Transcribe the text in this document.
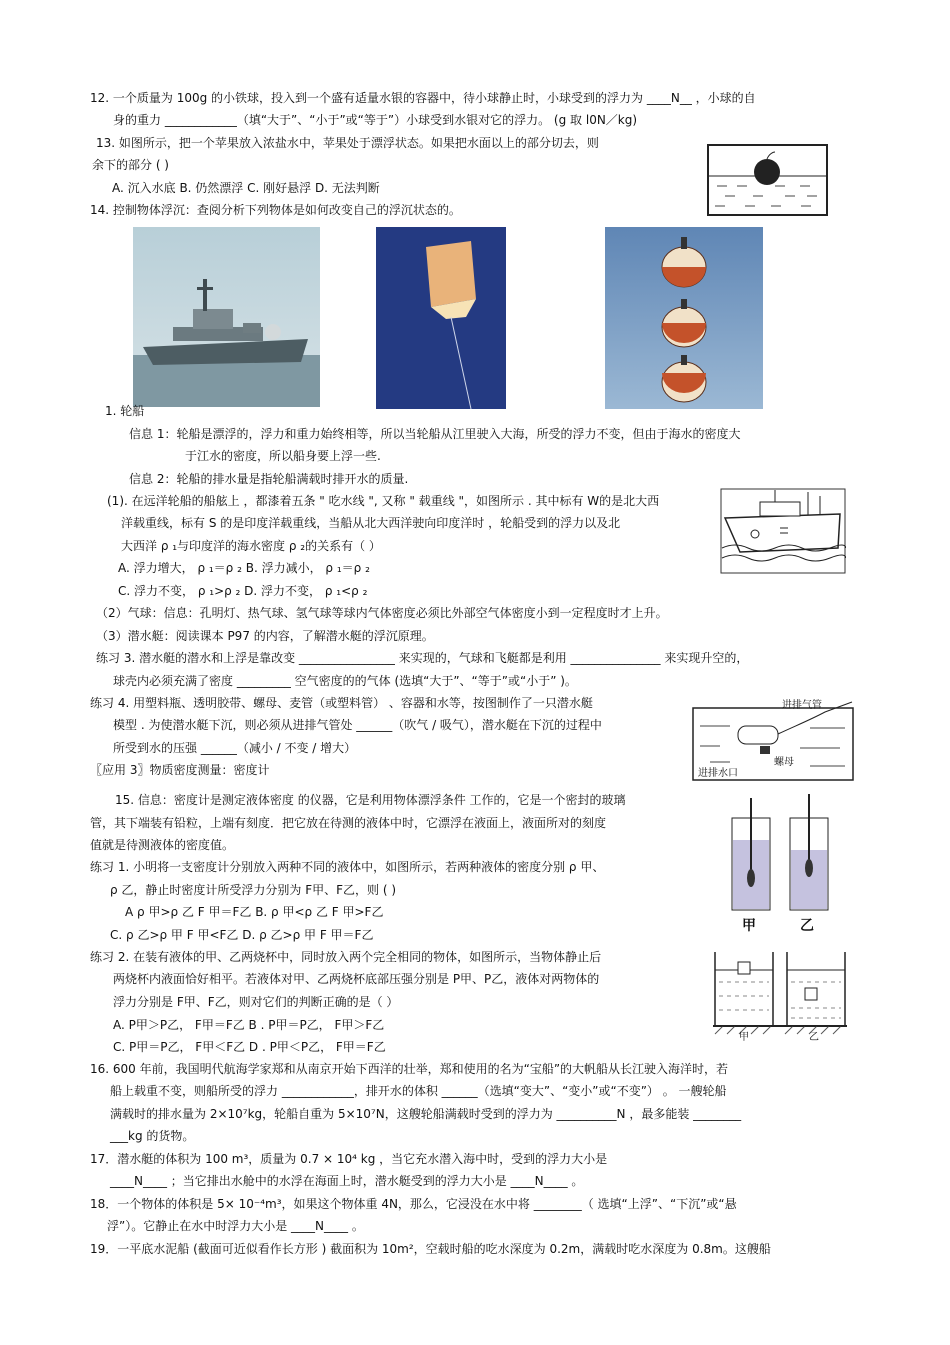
12. 一个质量为 100g 的小铁球，投入到一个盛有适量水银的容器中，待小球静止时，小球受到的浮力为 ____N__ ，小球的自
身的重力 ____________（填“大于”、“小于”或“等于”）小球受到水银对它的浮力。 (g 取 l0N／kg)
13. 如图所示，把一个苹果放入浓盐水中，苹果处于漂浮状态。如果把水面以上的部分切去，则
余下的部分 ( )
A. 沉入水底 B. 仍然漂浮 C. 刚好悬浮 D. 无法判断
14. 控制物体浮沉：查阅分析下列物体是如何改变自己的浮沉状态的。
1. 轮船
信息 1：轮船是漂浮的，浮力和重力始终相等，所以当轮船从江里驶入大海，所受的浮力不变，但由于海水的密度大
于江水的密度，所以船身要上浮一些.
信息 2：轮船的排水量是指轮船满载时排开水的质量.
(1). 在远洋轮船的船舷上 ，都漆着五条 " 吃水线 ", 又称 " 载重线 "，如图所示 . 其中标有 W的是北大西
洋载重线，标有 S 的是印度洋载重线，当船从北大西洋驶向印度洋时 ，轮船受到的浮力以及北
大西洋 ρ ₁与印度洋的海水密度 ρ ₂的关系有（ ）
A. 浮力增大， ρ ₁＝ρ ₂ B. 浮力减小， ρ ₁＝ρ ₂
C. 浮力不变， ρ ₁>ρ ₂ D. 浮力不变， ρ ₁<ρ ₂
（2）气球：信息：孔明灯、热气球、氢气球等球内气体密度必须比外部空气体密度小到一定程度时才上升。
（3）潜水艇：阅读课本 P97 的内容，了解潜水艇的浮沉原理。
练习 3. 潜水艇的潜水和上浮是靠改变 ________________ 来实现的，气球和飞艇都是利用 _______________ 来实现升空的，
球壳内必须充满了密度 _________ 空气密度的的气体 (选填“大于”、“等于”或“小于” )。
练习 4. 用塑料瓶、透明胶带、螺母、麦管（或塑料管） 、容器和水等，按图制作了一只潜水艇
模型 . 为使潜水艇下沉，则必须从进排气管处 ______（吹气 / 吸气），潜水艇在下沉的过程中
所受到水的压强 ______（减小 / 不变 / 增大）
〖应用 3〗物质密度测量：密度计
进排气管
螺母
进排水口
15. 信息：密度计是测定液体密度 的仪器，它是利用物体漂浮条件 工作的，它是一个密封的玻璃
管，其下端装有铅粒，上端有刻度．把它放在待测的液体中时，它漂浮在液面上，液面所对的刻度
值就是待测液体的密度值。
练习 1. 小明将一支密度计分别放入两种不同的液体中，如图所示，若两种液体的密度分别 ρ 甲、
ρ 乙，静止时密度计所受浮力分别为 F甲、F乙，则 ( )
A ρ 甲>ρ 乙 F 甲＝F乙 B. ρ 甲<ρ 乙 F 甲>F乙
C. ρ 乙>ρ 甲 F 甲<F乙 D. ρ 乙>ρ 甲 F 甲＝F乙
甲	乙
练习 2. 在装有液体的甲、乙两烧杯中，同时放入两个完全相同的物体，如图所示，当物体静止后
两烧杯内液面恰好相平。若液体对甲、乙两烧杯底部压强分别是 P甲、P乙，液体对两物体的
浮力分别是 F甲、F乙，则对它们的判断正确的是（ ）
A. P甲＞P乙， F甲＝F乙 B . P甲＝P乙， F甲＞F乙
C. P甲＝P乙， F甲＜F乙 D . P甲＜P乙， F甲＝F乙
甲	乙
16. 600 年前，我国明代航海学家郑和从南京开始下西洋的壮举，郑和使用的名为“宝船”的大帆船从长江驶入海洋时，若
船上载重不变，则船所受的浮力 ____________，排开水的体积 ______（选填“变大”、“变小”或“不变”） 。 一艘轮船
满载时的排水量为 2×10⁷kg，轮船自重为 5×10⁷N，这艘轮船满载时受到的浮力为 __________N ，最多能装 ________
___kg 的货物。
17．潜水艇的体积为 100 m³，质量为 0.7 × 10⁴ kg ，当它充水潜入海中时，受到的浮力大小是
____N____ ；当它排出水舱中的水浮在海面上时，潜水艇受到的浮力大小是 ____N____ 。
18．一个物体的体积是 5× 10⁻⁴m³，如果这个物体重 4N，那么，它浸没在水中将 ________（ 选填“上浮”、“下沉”或“悬
浮”）。它静止在水中时浮力大小是 ____N____ 。
19．一平底水泥船 (截面可近似看作长方形 ) 截面积为 10m²，空载时船的吃水深度为 0.2m，满载时吃水深度为 0.8m。这艘船
